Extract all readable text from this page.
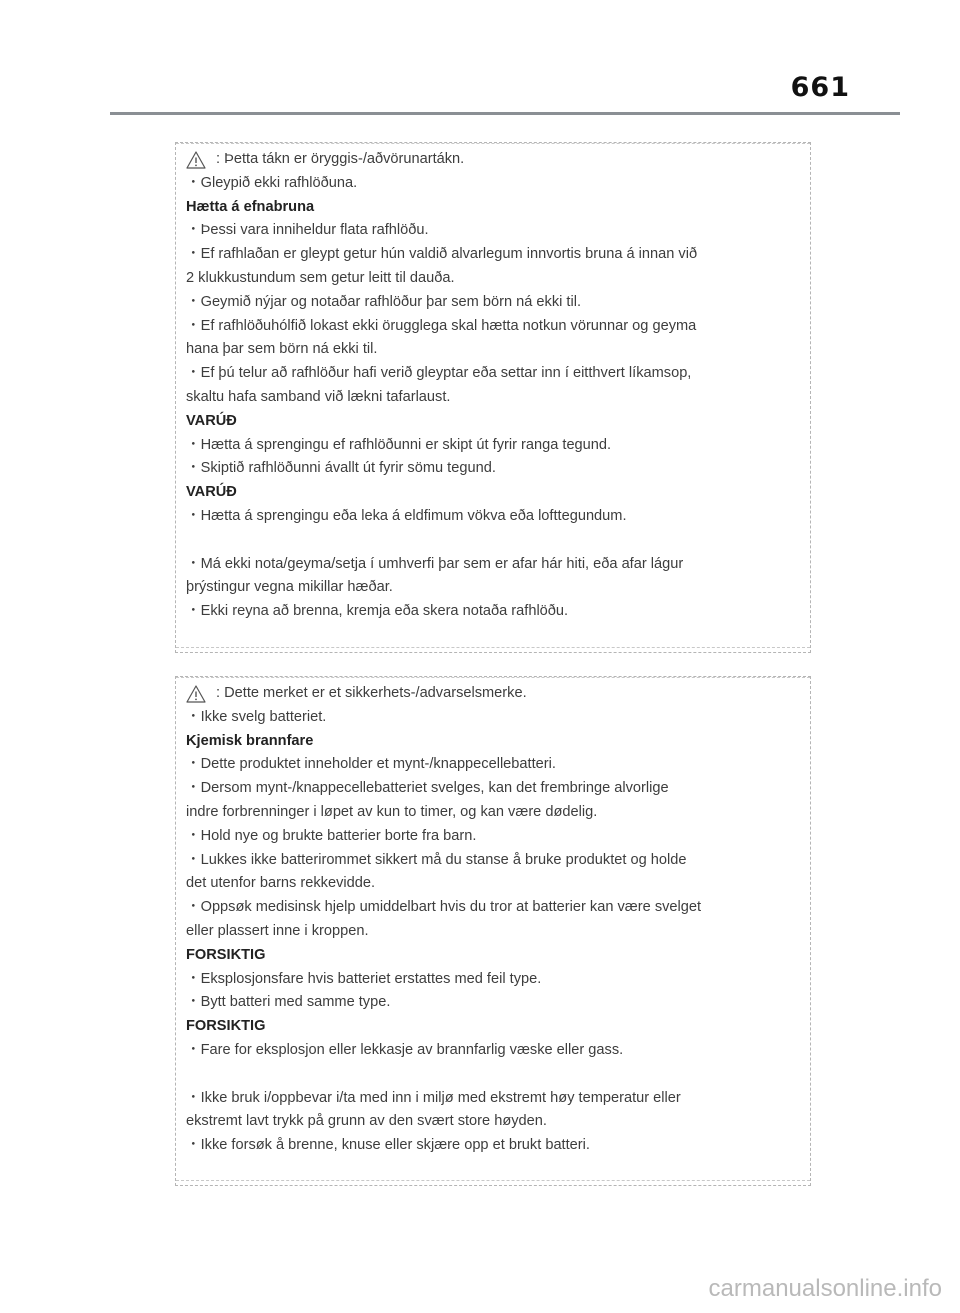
661
: Þetta tákn er öryggis-/aðvörunartákn.
・Gleypið ekki rafhlöðuna.
Hætta á efnabruna
・Þessi vara inniheldur flata rafhlöðu.
・Ef rafhlaðan er gleypt getur hún valdið alvarlegum innvortis bruna á innan við
2 klukkustundum sem getur leitt til dauða.
・Geymið nýjar og notaðar rafhlöður þar sem börn ná ekki til.
・Ef rafhlöðuhólfið lokast ekki örugglega skal hætta notkun vörunnar og geyma
hana þar sem börn ná ekki til.
・Ef þú telur að rafhlöður hafi verið gleyptar eða settar inn í eitthvert líkamsop,
skaltu hafa samband við lækni tafarlaust.
VARÚÐ
・Hætta á sprengingu ef rafhlöðunni er skipt út fyrir ranga tegund.
・Skiptið rafhlöðunni ávallt út fyrir sömu tegund.
VARÚÐ
・Hætta á sprengingu eða leka á eldfimum vökva eða lofttegundum.
・Má ekki nota/geyma/setja í umhverfi þar sem er afar hár hiti, eða afar lágur
þrýstingur vegna mikillar hæðar.
・Ekki reyna að brenna, kremja eða skera notaða rafhlöðu.
: Dette merket er et sikkerhets-/advarselsmerke.
・Ikke svelg batteriet.
Kjemisk brannfare
・Dette produktet inneholder et mynt-/knappecellebatteri.
・Dersom mynt-/knappecellebatteriet svelges, kan det frembringe alvorlige
indre forbrenninger i løpet av kun to timer, og kan være dødelig.
・Hold nye og brukte batterier borte fra barn.
・Lukkes ikke batterirommet sikkert må du stanse å bruke produktet og holde
det utenfor barns rekkevidde.
・Oppsøk medisinsk hjelp umiddelbart hvis du tror at batterier kan være svelget
eller plassert inne i kroppen.
FORSIKTIG
・Eksplosjonsfare hvis batteriet erstattes med feil type.
・Bytt batteri med samme type.
FORSIKTIG
・Fare for eksplosjon eller lekkasje av brannfarlig væske eller gass.
・Ikke bruk i/oppbevar i/ta med inn i miljø med ekstremt høy temperatur eller
ekstremt lavt trykk på grunn av den svært store høyden.
・Ikke forsøk å brenne, knuse eller skjære opp et brukt batteri.
carmanualsonline.info
